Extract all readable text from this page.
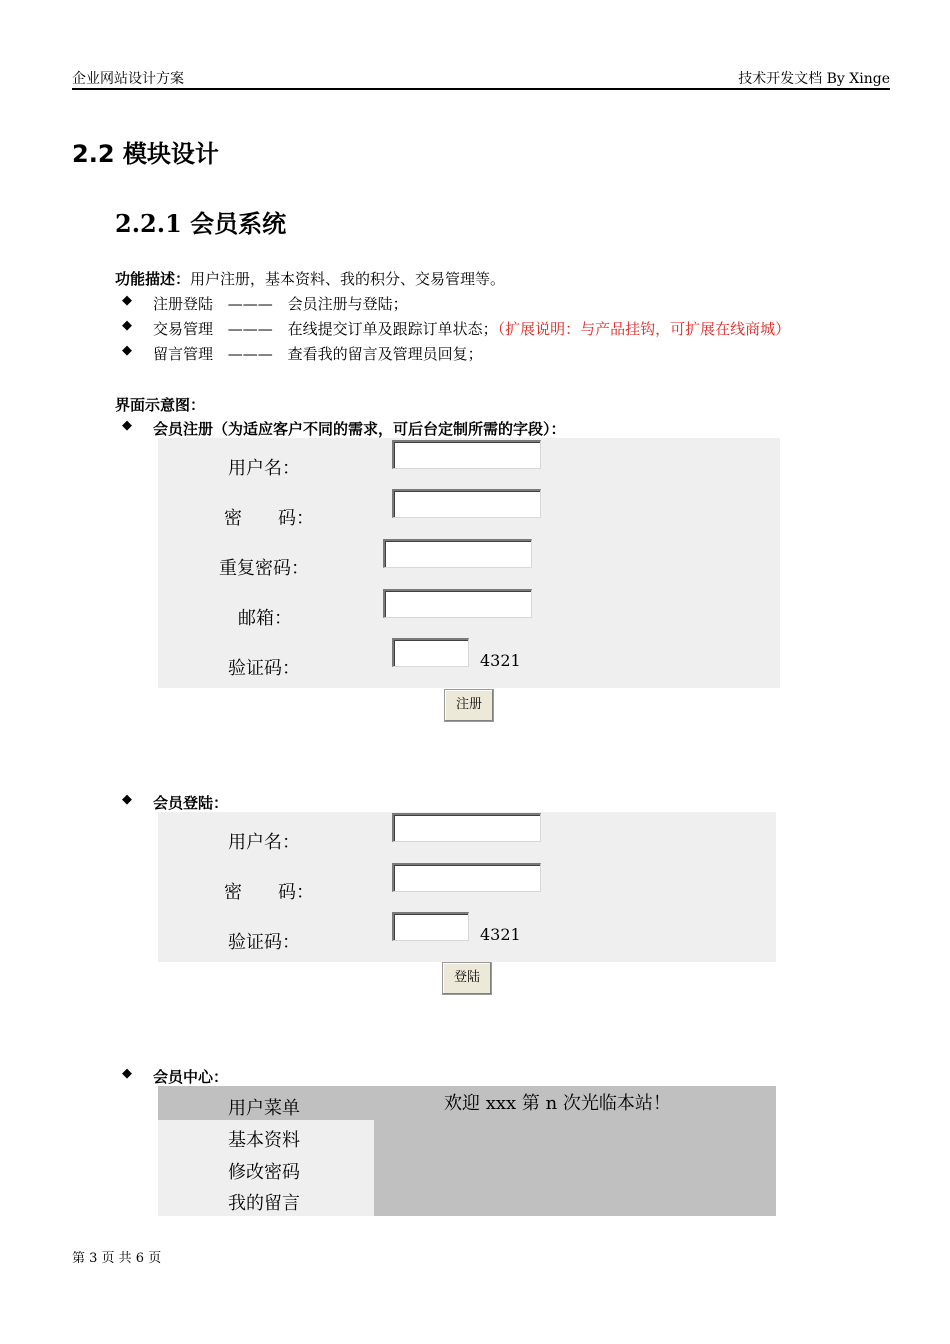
企业网站设计方案	技术开发文档 By Xinge
2.2 模块设计
2.2.1 会员系统
功能描述：用户注册，基本资料、我的积分、交易管理等。
◆ 注册登陆 ——— 会员注册与登陆；
◆ 交易管理 ——— 在线提交订单及跟踪订单状态；（扩展说明：与产品挂钩，可扩展在线商城）
◆ 留言管理 ——— 查看我的留言及管理员回复；
界面示意图：
◆ 会员注册（为适应客户不同的需求，可后台定制所需的字段）：
用户名：
密　　码：
重复密码：
邮箱：
验证码：	4321
注册
◆ 会员登陆：
用户名：
密　　码：
验证码：	4321
登陆
◆ 会员中心：
用户菜单
基本资料
修改密码
我的留言
欢迎 xxx 第 n 次光临本站！
第 3 页 共 6 页
